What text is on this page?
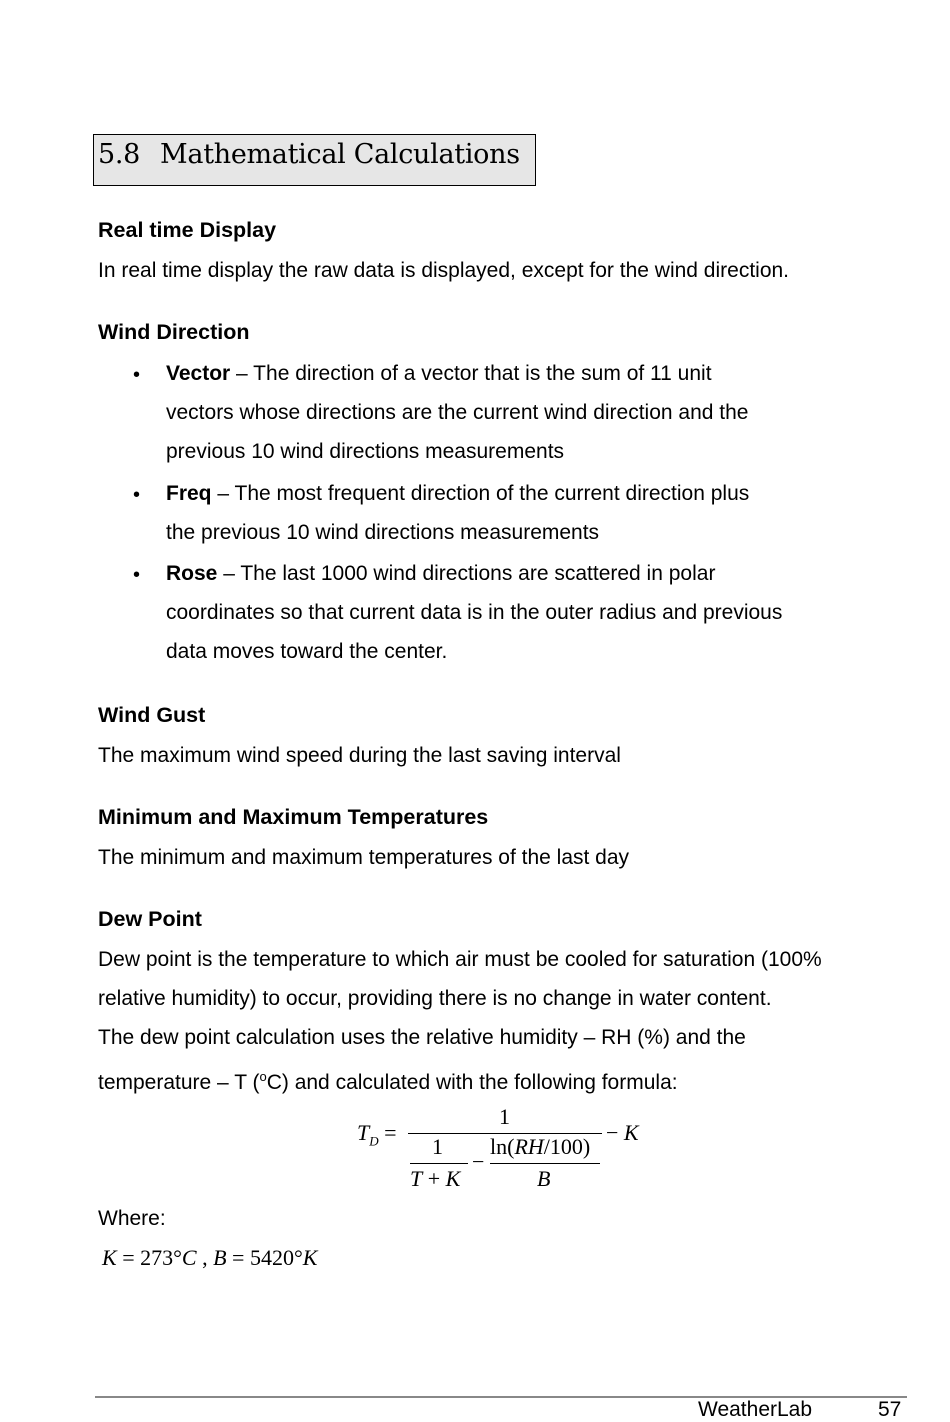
5.8 Mathematical Calculations
Real time Display
In real time display the raw data is displayed, except for the wind direction.
Wind Direction
• Vector – The direction of a vector that is the sum of 11 unit
vectors whose directions are the current wind direction and the
previous 10 wind directions measurements
• Freq – The most frequent direction of the current direction plus
the previous 10 wind directions measurements
• Rose – The last 1000 wind directions are scattered in polar
coordinates so that current data is in the outer radius and previous
data moves toward the center.
Wind Gust
The maximum wind speed during the last saving interval
Minimum and Maximum Temperatures
The minimum and maximum temperatures of the last day
Dew Point
Dew point is the temperature to which air must be cooled for saturation (100%
relative humidity) to occur, providing there is no change in water content.
The dew point calculation uses the relative humidity – RH (%) and the
temperature – T ($^o$C) and calculated with the following formula:
$T_D$ =
1
1
T + K
−
ln(RH/100)
B
− K
Where:
K = 273°C , B = 5420°K
WeatherLab	57
